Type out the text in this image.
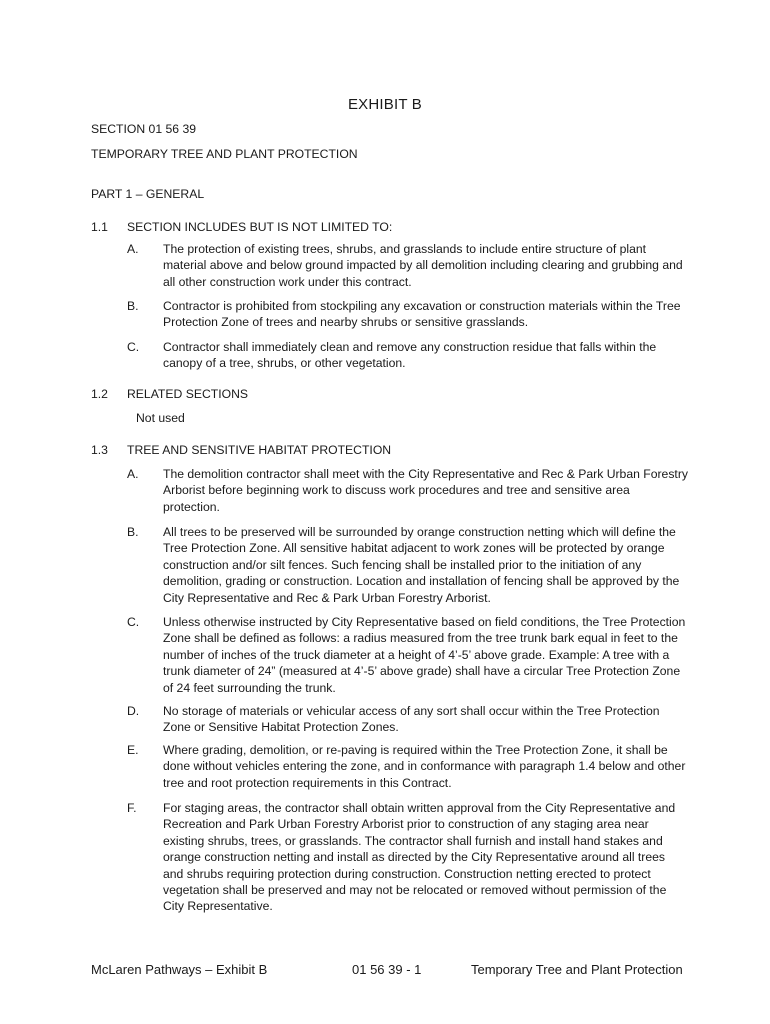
EXHIBIT B
SECTION 01 56 39
TEMPORARY TREE AND PLANT PROTECTION
PART 1 – GENERAL
1.1 SECTION INCLUDES BUT IS NOT LIMITED TO:
A. The protection of existing trees, shrubs, and grasslands to include entire structure of plant material above and below ground impacted by all demolition including clearing and grubbing and all other construction work under this contract.
B. Contractor is prohibited from stockpiling any excavation or construction materials within the Tree Protection Zone of trees and nearby shrubs or sensitive grasslands.
C. Contractor shall immediately clean and remove any construction residue that falls within the canopy of a tree, shrubs, or other vegetation.
1.2 RELATED SECTIONS
Not used
1.3 TREE AND SENSITIVE HABITAT PROTECTION
A. The demolition contractor shall meet with the City Representative and Rec & Park Urban Forestry Arborist before beginning work to discuss work procedures and tree and sensitive area protection.
B. All trees to be preserved will be surrounded by orange construction netting which will define the Tree Protection Zone. All sensitive habitat adjacent to work zones will be protected by orange construction and/or silt fences. Such fencing shall be installed prior to the initiation of any demolition, grading or construction. Location and installation of fencing shall be approved by the City Representative and Rec & Park Urban Forestry Arborist.
C. Unless otherwise instructed by City Representative based on field conditions, the Tree Protection Zone shall be defined as follows: a radius measured from the tree trunk bark equal in feet to the number of inches of the truck diameter at a height of 4’-5’ above grade. Example: A tree with a trunk diameter of 24” (measured at 4’-5’ above grade) shall have a circular Tree Protection Zone of 24 feet surrounding the trunk.
D. No storage of materials or vehicular access of any sort shall occur within the Tree Protection Zone or Sensitive Habitat Protection Zones.
E. Where grading, demolition, or re-paving is required within the Tree Protection Zone, it shall be done without vehicles entering the zone, and in conformance with paragraph 1.4 below and other tree and root protection requirements in this Contract.
F. For staging areas, the contractor shall obtain written approval from the City Representative and Recreation and Park Urban Forestry Arborist prior to construction of any staging area near existing shrubs, trees, or grasslands. The contractor shall furnish and install hand stakes and orange construction netting and install as directed by the City Representative around all trees and shrubs requiring protection during construction. Construction netting erected to protect vegetation shall be preserved and may not be relocated or removed without permission of the City Representative.
McLaren Pathways – Exhibit B	01 56 39 - 1	Temporary Tree and Plant Protection
